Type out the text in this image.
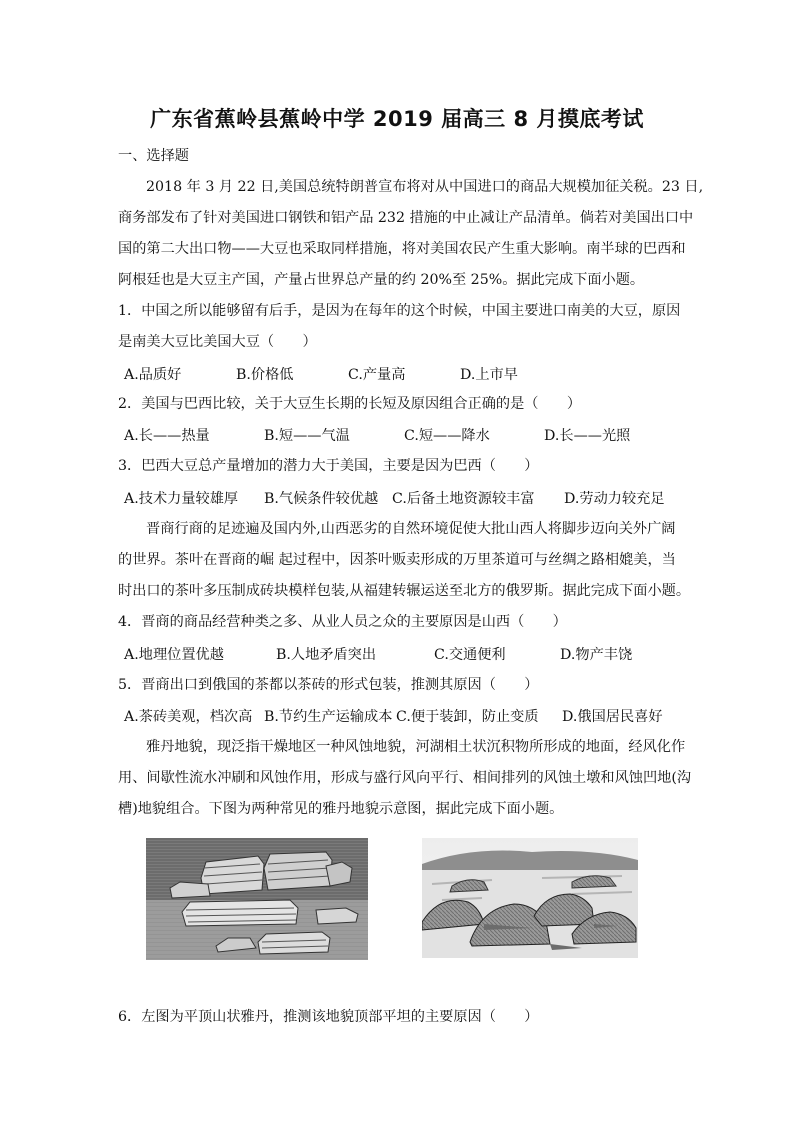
广东省蕉岭县蕉岭中学 2019 届高三 8 月摸底考试
一、选择题
2018 年 3 月 22 日,美国总统特朗普宣布将对从中国进口的商品大规模加征关税。23 日,
商务部发布了针对美国进口钢铁和铝产品 232 措施的中止减让产品清单。倘若对美国出口中
国的第二大出口物——大豆也采取同样措施，将对美国农民产生重大影响。南半球的巴西和
阿根廷也是大豆主产国，产量占世界总产量的约 20%至 25%。据此完成下面小题。
1．中国之所以能够留有后手，是因为在每年的这个时候，中国主要进口南美的大豆，原因
是南美大豆比美国大豆（　　）
A.品质好	B.价格低	C.产量高	D.上市早
2．美国与巴西比较，关于大豆生长期的长短及原因组合正确的是（　　）
A.长——热量	B.短——气温	C.短——降水	D.长——光照
3．巴西大豆总产量增加的潜力大于美国，主要是因为巴西（　　）
A.技术力量较雄厚 B.气候条件较优越 C.后备土地资源较丰富 D.劳动力较充足
晋商行商的足迹遍及国内外,山西恶劣的自然环境促使大批山西人将脚步迈向关外广阔
的世界。茶叶在晋商的崛 起过程中，因茶叶贩卖形成的万里茶道可与丝绸之路相媲美，当
时出口的茶叶多压制成砖块模样包装,从福建转辗运送至北方的俄罗斯。据此完成下面小题。
4．晋商的商品经营种类之多、从业人员之众的主要原因是山西（　　）
A.地理位置优越	B.人地矛盾突出	C.交通便利	D.物产丰饶
5．晋商出口到俄国的茶都以茶砖的形式包装，推测其原因（　　）
A.茶砖美观，档次高 B.节约生产运输成本 C.便于装卸，防止变质 D.俄国居民喜好
雅丹地貌，现泛指干燥地区一种风蚀地貌，河湖相土状沉积物所形成的地面，经风化作
用、间歇性流水冲刷和风蚀作用，形成与盛行风向平行、相间排列的风蚀土墩和风蚀凹地(沟
槽)地貌组合。下图为两种常见的雅丹地貌示意图，据此完成下面小题。
6．左图为平顶山状雅丹，推测该地貌顶部平坦的主要原因（　　）
